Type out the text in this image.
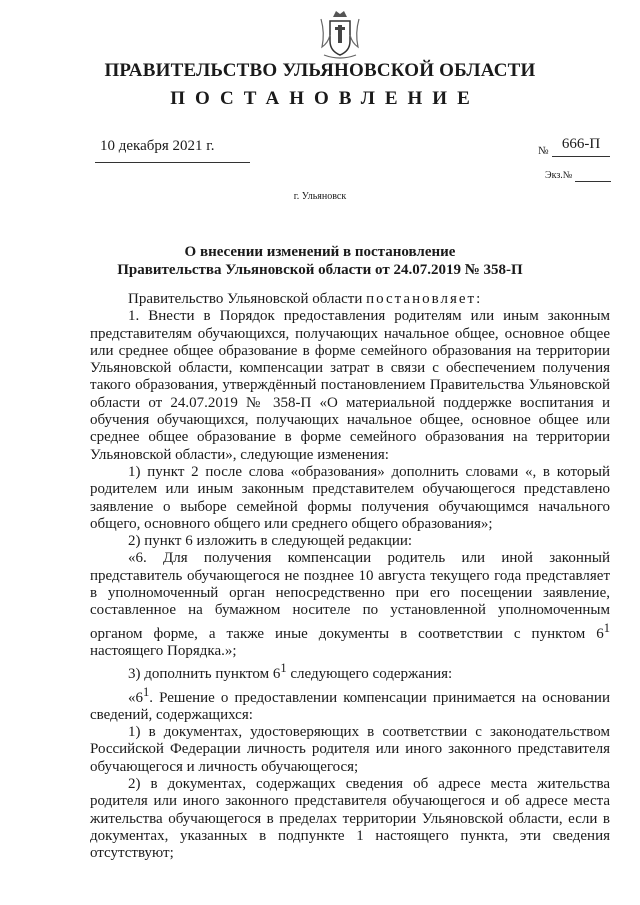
ПРАВИТЕЛЬСТВО УЛЬЯНОВСКОЙ ОБЛАСТИ
ПОСТАНОВЛЕНИЕ
10 декабря 2021 г.	№ 666-П
Экз.№
г. Ульяновск
О внесении изменений в постановление
Правительства Ульяновской области от 24.07.2019 № 358-П

Правительство Ульяновской области постановляет:

1. Внести в Порядок предоставления родителям или иным законным представителям обучающихся, получающих начальное общее, основное общее или среднее общее образование в форме семейного образования на территории Ульяновской области, компенсации затрат в связи с обеспечением получения такого образования, утверждённый постановлением Правительства Ульяновской области от 24.07.2019 № 358-П «О материальной поддержке воспитания и обучения обучающихся, получающих начальное общее, основное общее или среднее общее образование в форме семейного образования на территории Ульяновской области», следующие изменения:

1) пункт 2 после слова «образования» дополнить словами «, в который родителем или иным законным представителем обучающегося представлено заявление о выборе семейной формы получения обучающимся начального общего, основного общего или среднего общего образования»;

2) пункт 6 изложить в следующей редакции:

«6. Для получения компенсации родитель или иной законный представитель обучающегося не позднее 10 августа текущего года представляет в уполномоченный орган непосредственно при его посещении заявление, составленное на бумажном носителе по установленной уполномоченным органом форме, а также иные документы в соответствии с пунктом $6^1$ настоящего Порядка.»;

3) дополнить пунктом $6^1$ следующего содержания:

«$6^1$. Решение о предоставлении компенсации принимается на основании сведений, содержащихся:

1) в документах, удостоверяющих в соответствии с законодательством Российской Федерации личность родителя или иного законного представителя обучающегося и личность обучающегося;

2) в документах, содержащих сведения об адресе места жительства родителя или иного законного представителя обучающегося и об адресе места жительства обучающегося в пределах территории Ульяновской области, если в документах, указанных в подпункте 1 настоящего пункта, эти сведения отсутствуют;
